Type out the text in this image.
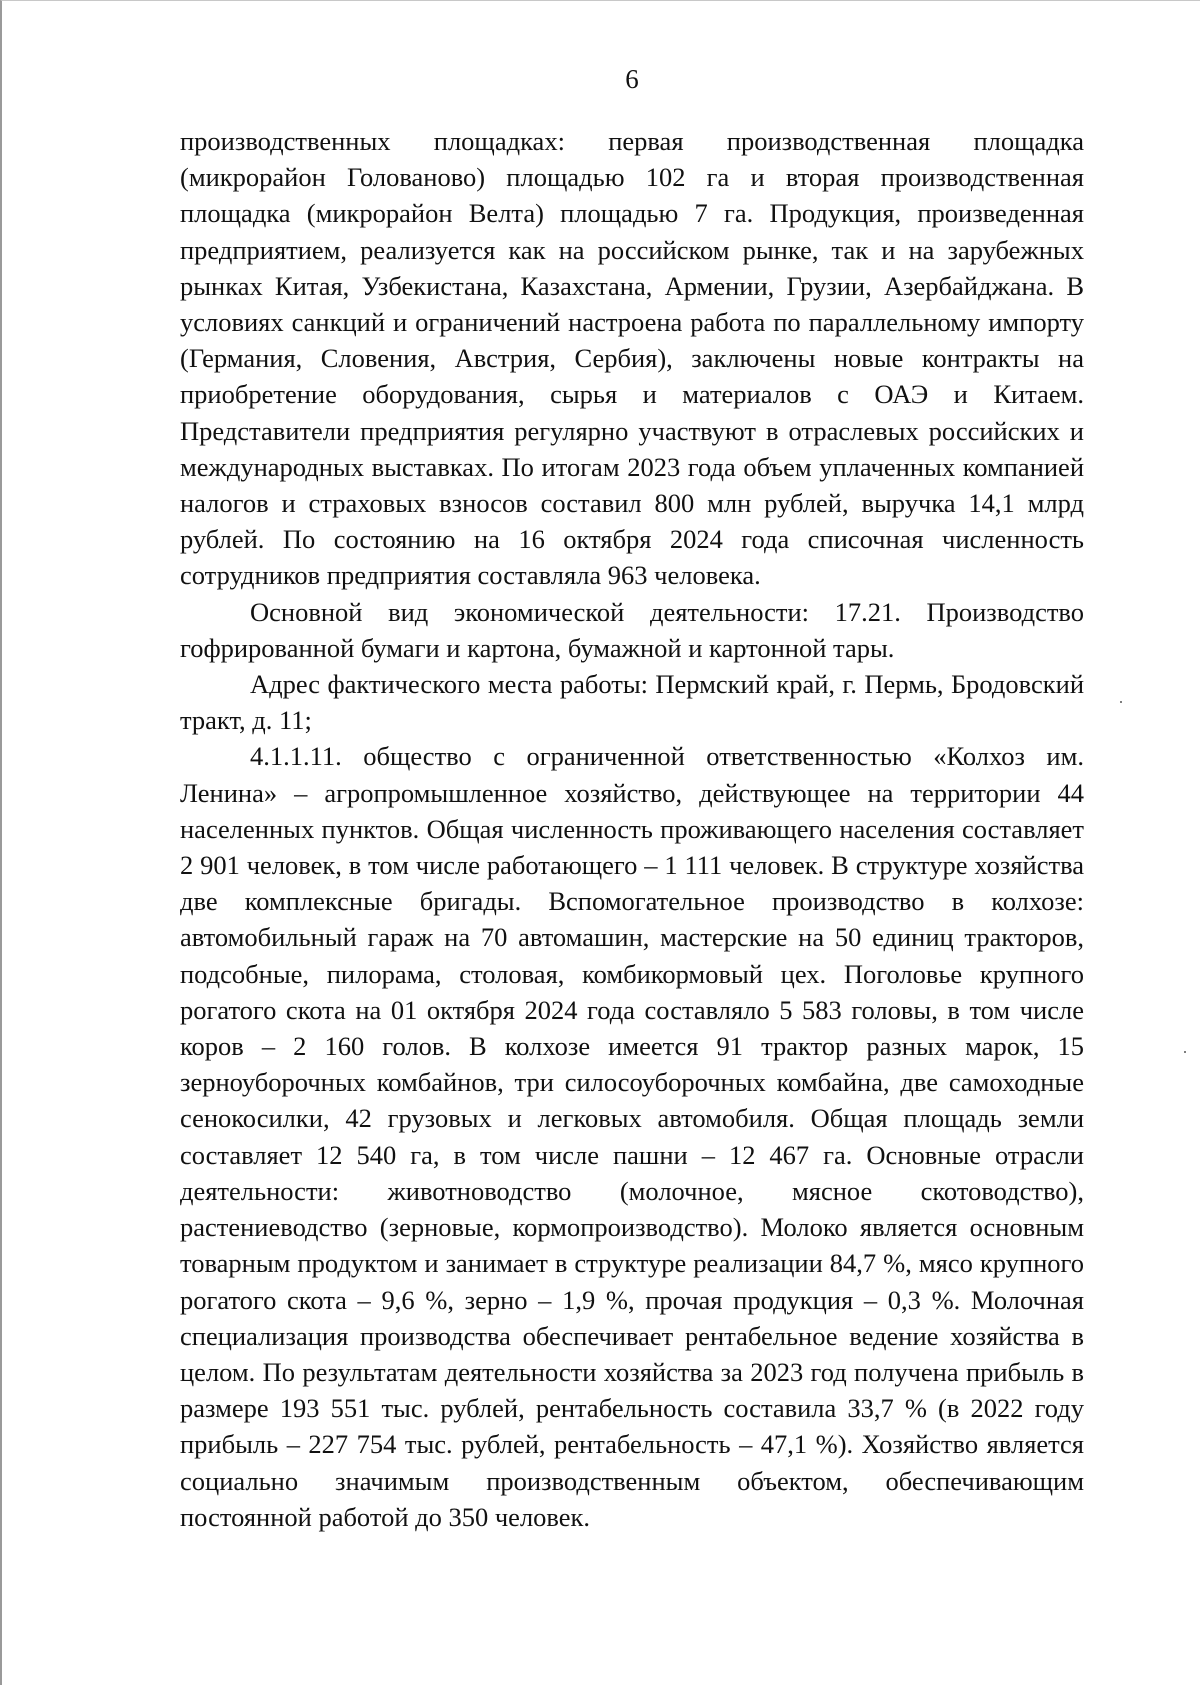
6

производственных площадках: первая производственная площадка (микрорайон Голованово) площадью 102 га и вторая производственная площадка (микрорайон Велта) площадью 7 га. Продукция, произведенная предприятием, реализуется как на российском рынке, так и на зарубежных рынках Китая, Узбекистана, Казахстана, Армении, Грузии, Азербайджана. В условиях санкций и ограничений настроена работа по параллельному импорту (Германия, Словения, Австрия, Сербия), заключены новые контракты на приобретение оборудования, сырья и материалов с ОАЭ и Китаем. Представители предприятия регулярно участвуют в отраслевых российских и международных выставках. По итогам 2023 года объем уплаченных компанией налогов и страховых взносов составил 800 млн рублей, выручка 14,1 млрд рублей. По состоянию на 16 октября 2024 года списочная численность сотрудников предприятия составляла 963 человека.

Основной вид экономической деятельности: 17.21. Производство гофрированной бумаги и картона, бумажной и картонной тары.

Адрес фактического места работы: Пермский край, г. Пермь, Бродовский тракт, д. 11;

4.1.1.11. общество с ограниченной ответственностью «Колхоз им. Ленина» – агропромышленное хозяйство, действующее на территории 44 населенных пунктов. Общая численность проживающего населения составляет 2 901 человек, в том числе работающего – 1 111 человек. В структуре хозяйства две комплексные бригады. Вспомогательное производство в колхозе: автомобильный гараж на 70 автомашин, мастерские на 50 единиц тракторов, подсобные, пилорама, столовая, комбикормовый цех. Поголовье крупного рогатого скота на 01 октября 2024 года составляло 5 583 головы, в том числе коров – 2 160 голов. В колхозе имеется 91 трактор разных марок, 15 зерноуборочных комбайнов, три силосоуборочных комбайна, две самоходные сенокосилки, 42 грузовых и легковых автомобиля. Общая площадь земли составляет 12 540 га, в том числе пашни – 12 467 га. Основные отрасли деятельности: животноводство (молочное, мясное скотоводство), растениеводство (зерновые, кормопроизводство). Молоко является основным товарным продуктом и занимает в структуре реализации 84,7 %, мясо крупного рогатого скота – 9,6 %, зерно – 1,9 %, прочая продукция – 0,3 %. Молочная специализация производства обеспечивает рентабельное ведение хозяйства в целом. По результатам деятельности хозяйства за 2023 год получена прибыль в размере 193 551 тыс. рублей, рентабельность составила 33,7 % (в 2022 году прибыль – 227 754 тыс. рублей, рентабельность – 47,1 %). Хозяйство является социально значимым производственным объектом, обеспечивающим постоянной работой до 350 человек.
